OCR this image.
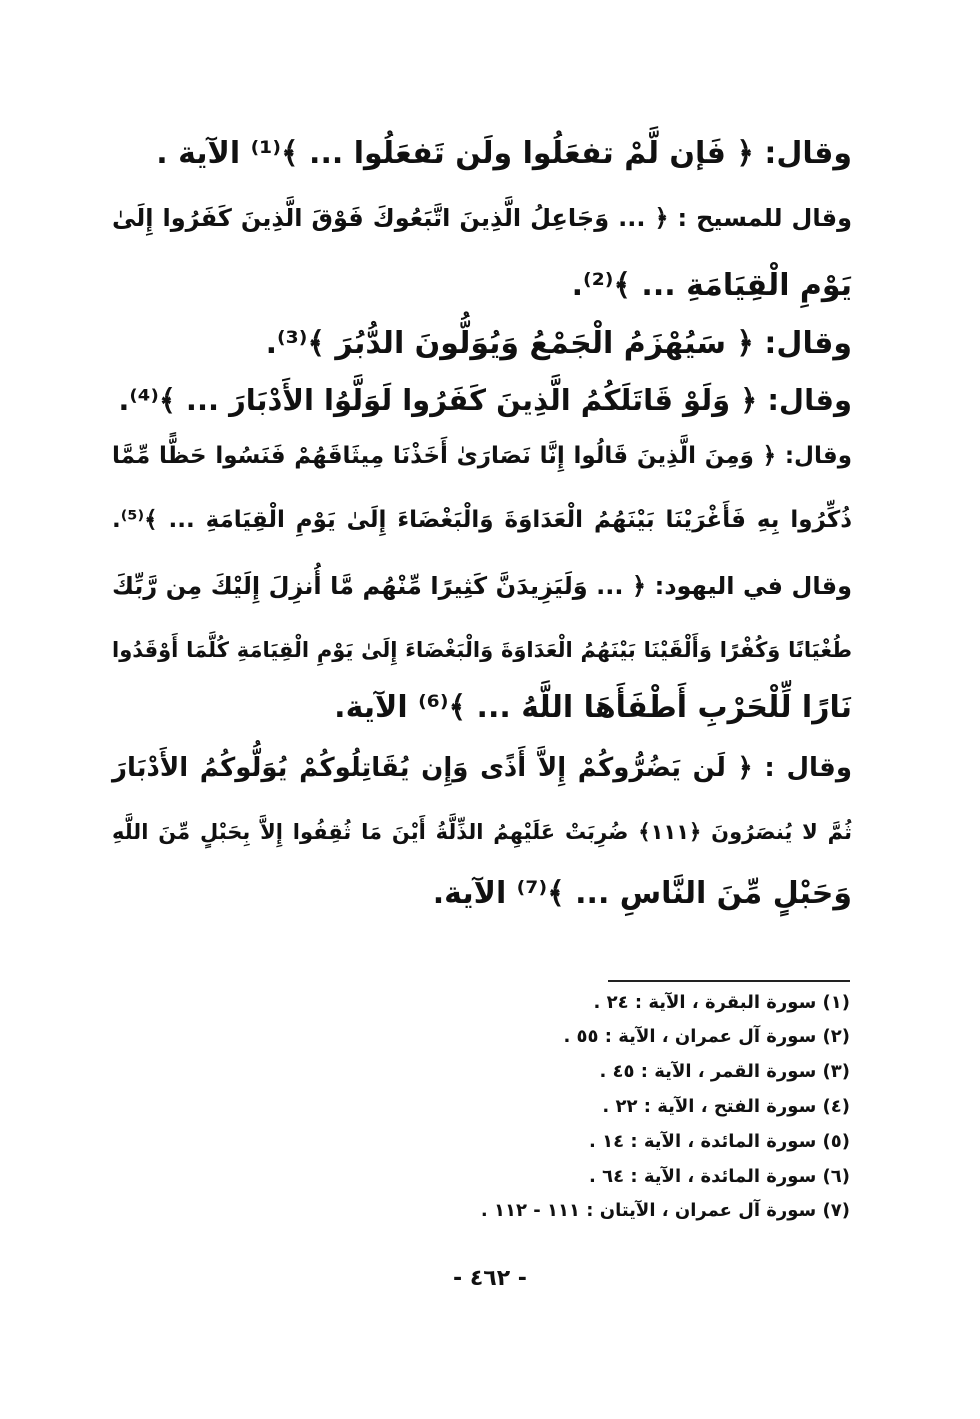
وقال: ﴿ فَإن لَّمْ تفعَلُوا ولَن تَفعَلُوا ... ﴾⁽¹⁾ الآية .
وقال للمسيح : ﴿ ... وَجَاعِلُ الَّذِينَ اتَّبَعُوكَ فَوْقَ الَّذِينَ كَفَرُوا إِلَىٰ
يَوْمِ الْقِيَامَةِ ... ﴾⁽²⁾.
وقال: ﴿ سَيُهْزَمُ الْجَمْعُ وَيُوَلُّونَ الدُّبُرَ ﴾⁽³⁾.
وقال: ﴿ وَلَوْ قَاتَلَكُمُ الَّذِينَ كَفَرُوا لَوَلَّوُا الأَدْبَارَ ... ﴾⁽⁴⁾.
وقال: ﴿ وَمِنَ الَّذِينَ قَالُوا إِنَّا نَصَارَىٰ أَخَذْنَا مِيثَاقَهُمْ فَنَسُوا حَظًّا مِّمَّا
ذُكِّرُوا بِهِ فَأَغْرَيْنَا بَيْنَهُمُ الْعَدَاوَةَ وَالْبَغْضَاءَ إِلَىٰ يَوْمِ الْقِيَامَةِ ... ﴾⁽⁵⁾.
وقال في اليهود: ﴿ ... وَلَيَزِيدَنَّ كَثِيرًا مِّنْهُم مَّا أُنزِلَ إِلَيْكَ مِن رَّبِّكَ
طُغْيَانًا وَكُفْرًا وَأَلْقَيْنَا بَيْنَهُمُ الْعَدَاوَةَ وَالْبَغْضَاءَ إِلَىٰ يَوْمِ الْقِيَامَةِ كُلَّمَا أَوْقَدُوا
نَارًا لِّلْحَرْبِ أَطْفَأَهَا اللَّهُ ... ﴾⁽⁶⁾ الآية.
وقال : ﴿ لَن يَضُرُّوكُمْ إِلاَّ أَذًى وَإِن يُقَاتِلُوكُمْ يُوَلُّوكُمُ الأَدْبَارَ
ثُمَّ لا يُنصَرُونَ ﴿١١١﴾ ضُرِبَتْ عَلَيْهِمُ الذِّلَّةُ أَيْنَ مَا ثُقِفُوا إِلاَّ بِحَبْلٍ مِّنَ اللَّهِ
وَحَبْلٍ مِّنَ النَّاسِ ... ﴾⁽⁷⁾ الآية.
(١) سورة البقرة ، الآية : ٢٤ .
(٢) سورة آل عمران ، الآية : ٥٥ .
(٣) سورة القمر ، الآية : ٤٥ .
(٤) سورة الفتح ، الآية : ٢٢ .
(٥) سورة المائدة ، الآية : ١٤ .
(٦) سورة المائدة ، الآية : ٦٤ .
(٧) سورة آل عمران ، الآيتان : ١١١ - ١١٢ .
- ٤٦٢ -
